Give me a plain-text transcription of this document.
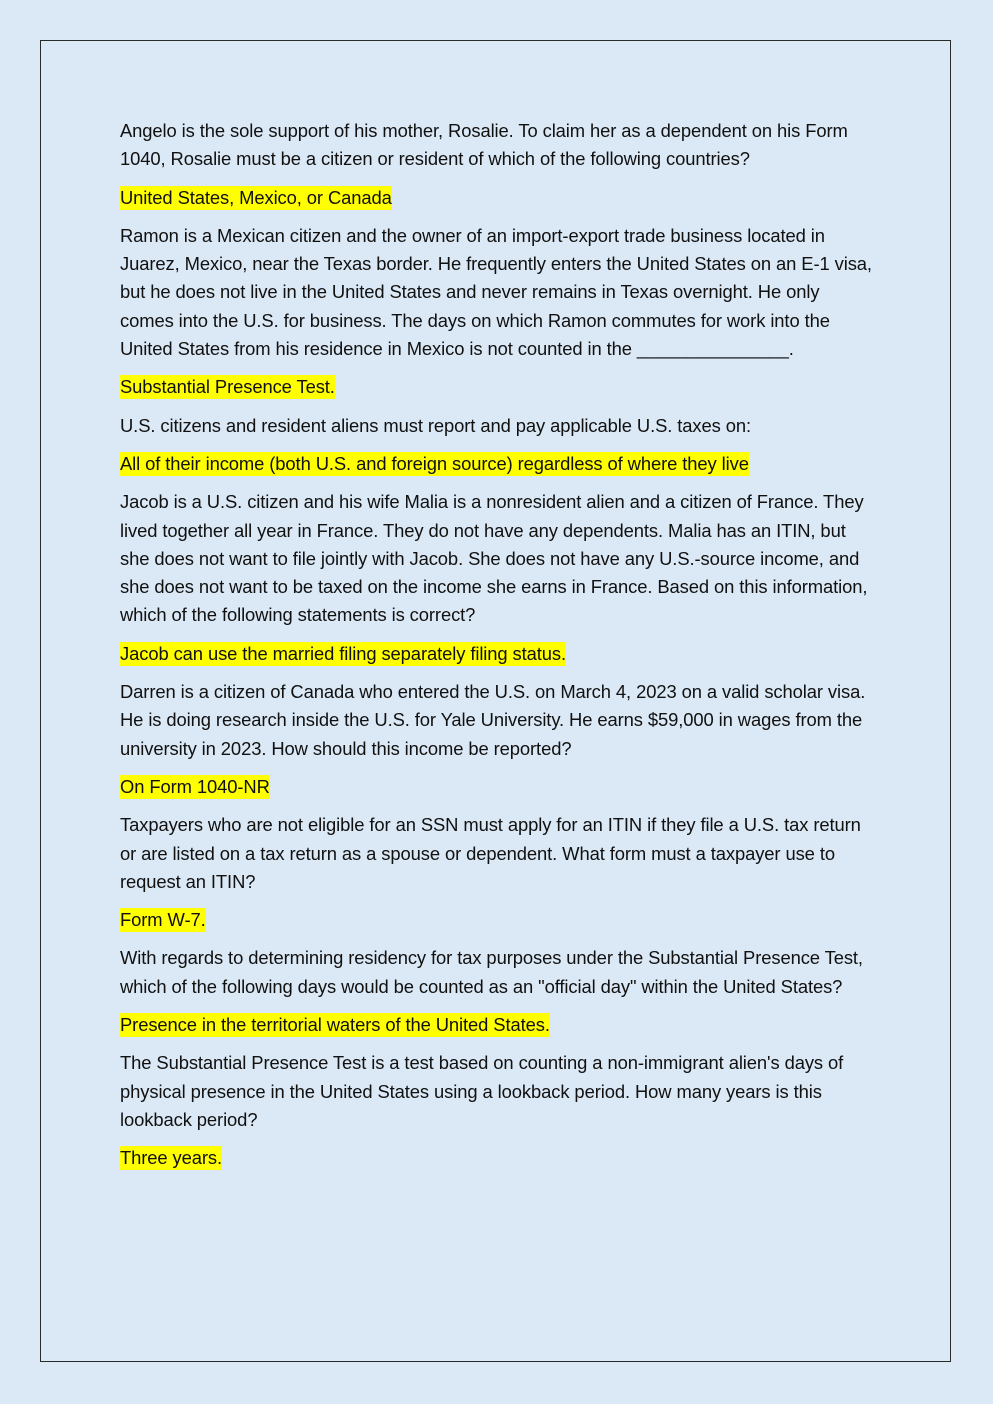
Angelo is the sole support of his mother, Rosalie. To claim her as a dependent on his Form 1040, Rosalie must be a citizen or resident of which of the following countries?

United States, Mexico, or Canada

Ramon is a Mexican citizen and the owner of an import-export trade business located in Juarez, Mexico, near the Texas border. He frequently enters the United States on an E-1 visa, but he does not live in the United States and never remains in Texas overnight. He only comes into the U.S. for business. The days on which Ramon commutes for work into the United States from his residence in Mexico is not counted in the _______________.

Substantial Presence Test.

U.S. citizens and resident aliens must report and pay applicable U.S. taxes on:

All of their income (both U.S. and foreign source) regardless of where they live

Jacob is a U.S. citizen and his wife Malia is a nonresident alien and a citizen of France. They lived together all year in France. They do not have any dependents. Malia has an ITIN, but she does not want to file jointly with Jacob. She does not have any U.S.-source income, and she does not want to be taxed on the income she earns in France. Based on this information, which of the following statements is correct?

Jacob can use the married filing separately filing status.

Darren is a citizen of Canada who entered the U.S. on March 4, 2023 on a valid scholar visa. He is doing research inside the U.S. for Yale University. He earns $59,000 in wages from the university in 2023. How should this income be reported?

On Form 1040-NR

Taxpayers who are not eligible for an SSN must apply for an ITIN if they file a U.S. tax return or are listed on a tax return as a spouse or dependent. What form must a taxpayer use to request an ITIN?

Form W-7.

With regards to determining residency for tax purposes under the Substantial Presence Test, which of the following days would be counted as an "official day" within the United States?

Presence in the territorial waters of the United States.

The Substantial Presence Test is a test based on counting a non-immigrant alien's days of physical presence in the United States using a lookback period. How many years is this lookback period?

Three years.
